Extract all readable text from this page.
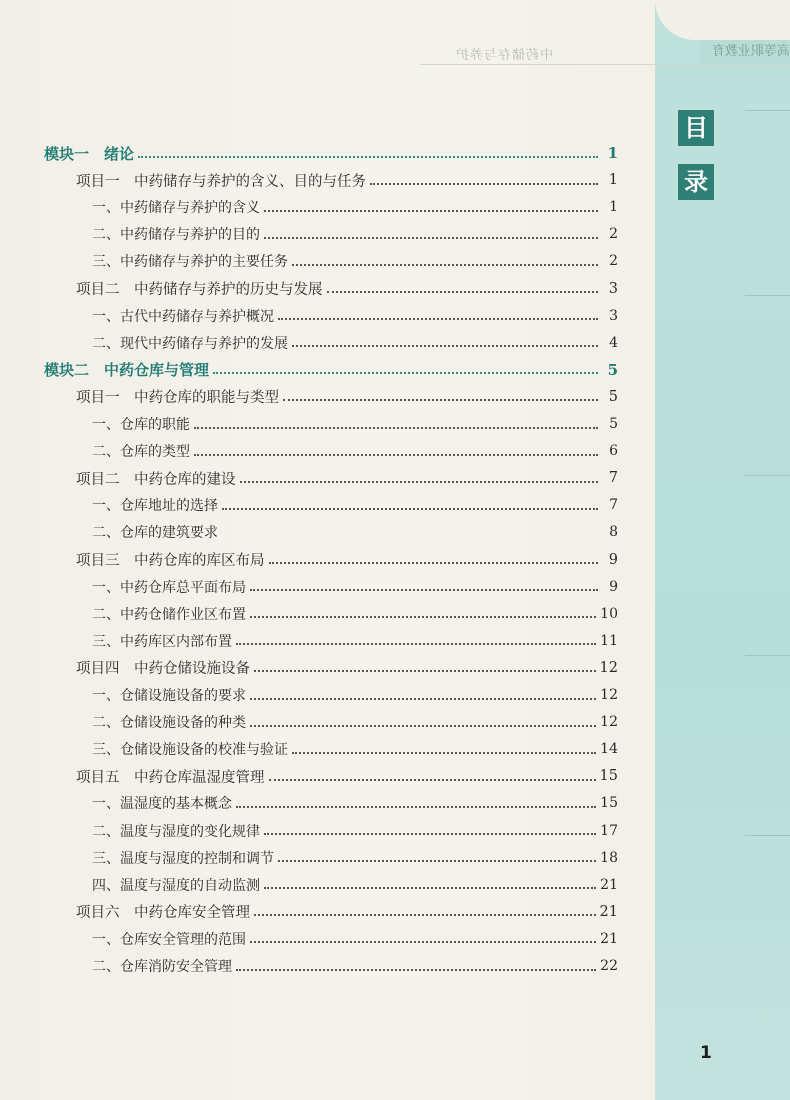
中药储存与养护	高等职业教育
目
录
模块一　绪论	1
项目一　中药储存与养护的含义、目的与任务	1
一、中药储存与养护的含义	1
二、中药储存与养护的目的	2
三、中药储存与养护的主要任务	2
项目二　中药储存与养护的历史与发展	3
一、古代中药储存与养护概况	3
二、现代中药储存与养护的发展	4
模块二　中药仓库与管理	5
项目一　中药仓库的职能与类型	5
一、仓库的职能	5
二、仓库的类型	6
项目二　中药仓库的建设	7
一、仓库地址的选择	7
二、仓库的建筑要求	8
项目三　中药仓库的库区布局	9
一、中药仓库总平面布局	9
二、中药仓储作业区布置	10
三、中药库区内部布置	11
项目四　中药仓储设施设备	12
一、仓储设施设备的要求	12
二、仓储设施设备的种类	12
三、仓储设施设备的校准与验证	14
项目五　中药仓库温湿度管理	15
一、温湿度的基本概念	15
二、温度与湿度的变化规律	17
三、温度与湿度的控制和调节	18
四、温度与湿度的自动监测	21
项目六　中药仓库安全管理	21
一、仓库安全管理的范围	21
二、仓库消防安全管理	22
1
